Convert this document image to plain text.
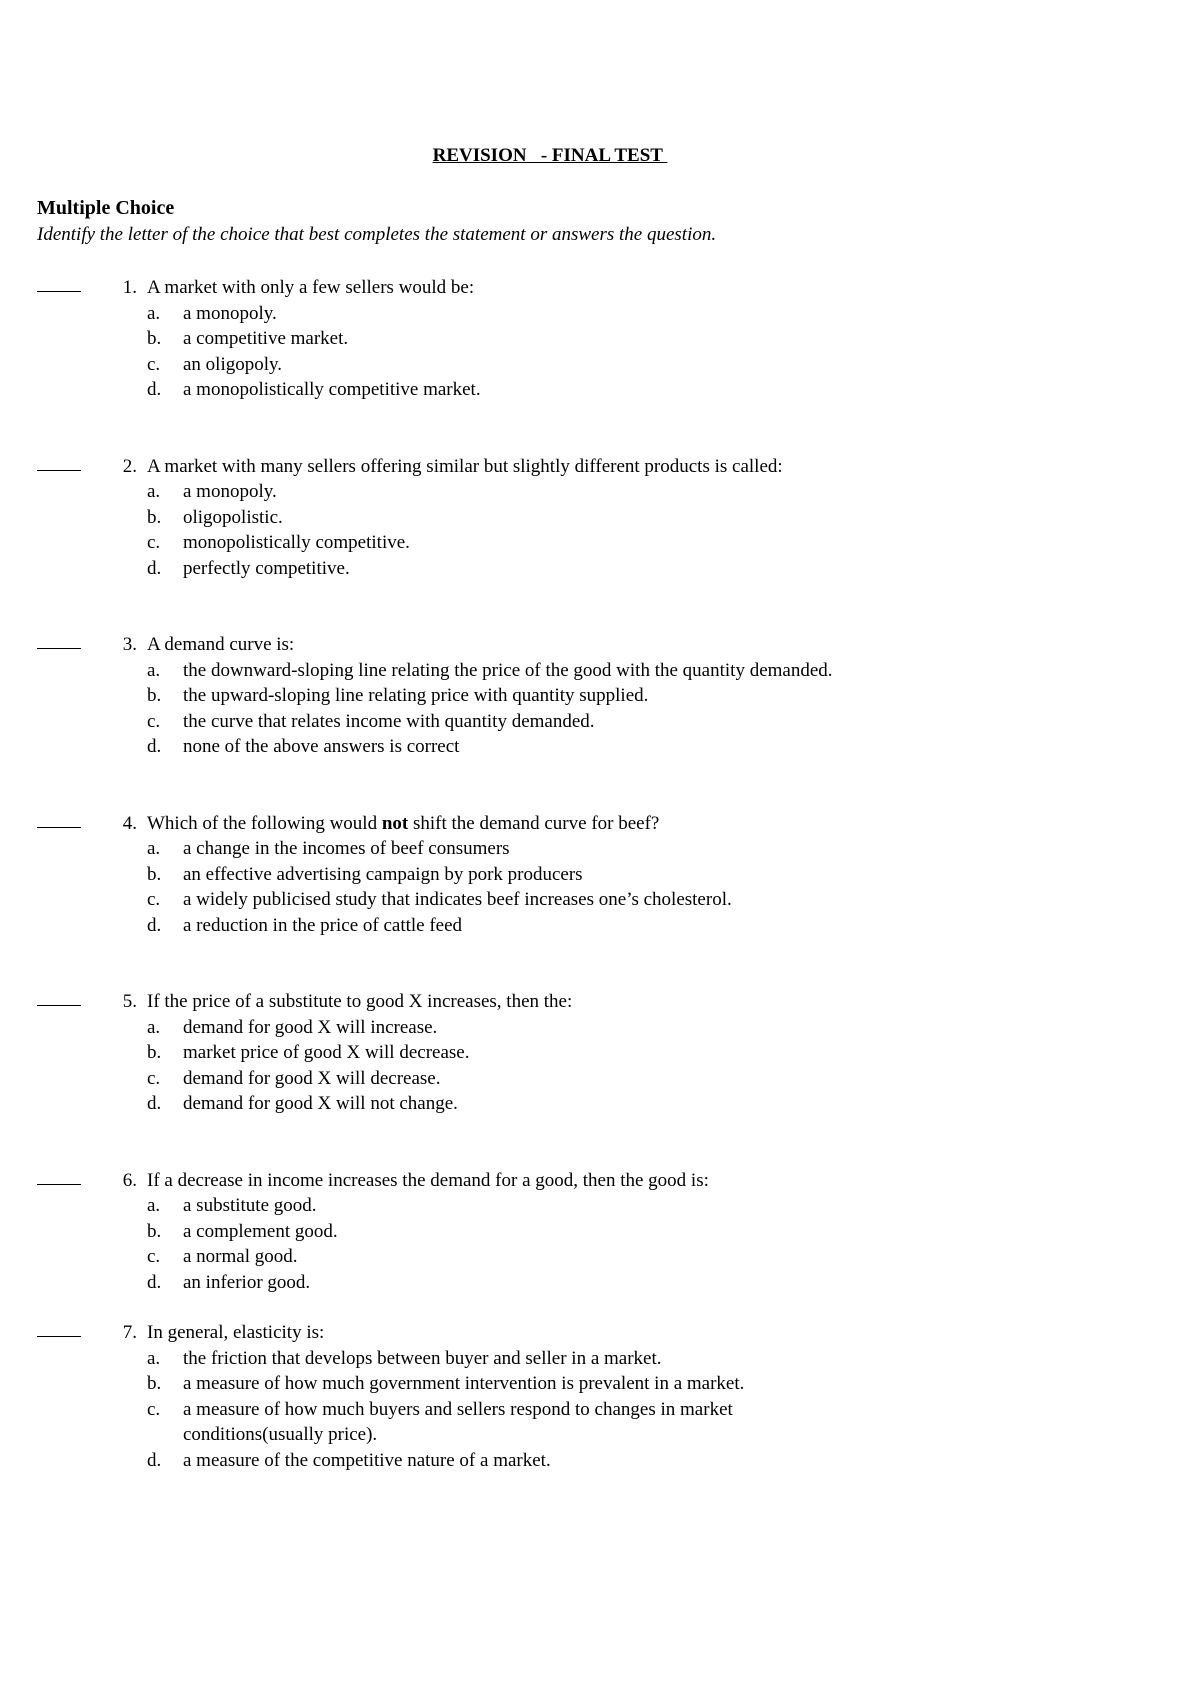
REVISION   - FINAL TEST
Multiple Choice
Identify the letter of the choice that best completes the statement or answers the question.
1. A market with only a few sellers would be:
a. a monopoly.
b. a competitive market.
c. an oligopoly.
d. a monopolistically competitive market.
2. A market with many sellers offering similar but slightly different products is called:
a. a monopoly.
b. oligopolistic.
c. monopolistically competitive.
d. perfectly competitive.
3. A demand curve is:
a. the downward-sloping line relating the price of the good with the quantity demanded.
b. the upward-sloping line relating price with quantity supplied.
c. the curve that relates income with quantity demanded.
d. none of the above answers is correct
4. Which of the following would not shift the demand curve for beef?
a. a change in the incomes of beef consumers
b. an effective advertising campaign by pork producers
c. a widely publicised study that indicates beef increases one’s cholesterol.
d. a reduction in the price of cattle feed
5. If the price of a substitute to good X increases, then the:
a. demand for good X will increase.
b. market price of good X will decrease.
c. demand for good X will decrease.
d. demand for good X will not change.
6. If a decrease in income increases the demand for a good, then the good is:
a. a substitute good.
b. a complement good.
c. a normal good.
d. an inferior good.
7. In general, elasticity is:
a. the friction that develops between buyer and seller in a market.
b. a measure of how much government intervention is prevalent in a market.
c. a measure of how much buyers and sellers respond to changes in market conditions(usually price).
d. a measure of the competitive nature of a market.
